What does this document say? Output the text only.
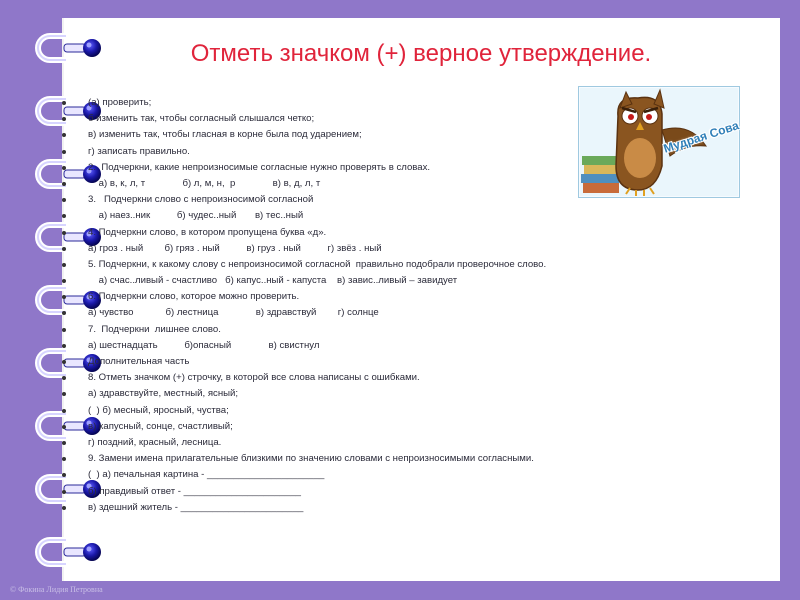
Отметь значком (+) верное утверждение.
(а) проверить;
б изменить так, чтобы согласный слышался четко;
в) изменить так, чтобы гласная в корне была под ударением;
г) записать правильно.
2.  Подчеркни, какие непроизносимые согласные нужно проверять в словах.
а) в, к, л, т              б) л, м, н,  р              в) в, д, л, т
3.   Подчеркни слово с непроизносимой согласной
а) наез..ник          б) чудес..ный       в) тес..ный
4. Подчеркни слово, в котором пропущена буква «д».
а) гроз . ный        б) гряз . ный          в) груз . ный          г) звёз . ный
5. Подчеркни, к какому слову с непроизносимой согласной  правильно подобрали проверочное слово.
а) счас..ливый - счастливо   б) капус..ный - капуста    в) завис..ливый – завидует
6. Подчеркни слово, которое можно проверить.
а) чувство            б) лестница              в) здравствуй        г) солнце
7.  Подчеркни  лишнее слово.
а) шестнадцать          б)опасный              в) свистнул
Дополнительная часть
8. Отметь значком (+) строчку, в которой все слова написаны с ошибками.
а) здравствуйте, местный, ясный;
(  ) б) месный, яросный, чуства;
в) капусный, сонце, счастливый;
г) поздний, красный, лесница.
9. Замени имена прилагательные близкими по значению словами с непроизносимыми согласными.
(  ) а) печальная картина - ______________________
б) правдивый ответ - ______________________
в) здешний житель - _______________________
Мудрая Сова
© Фокина Лидия Петровна
